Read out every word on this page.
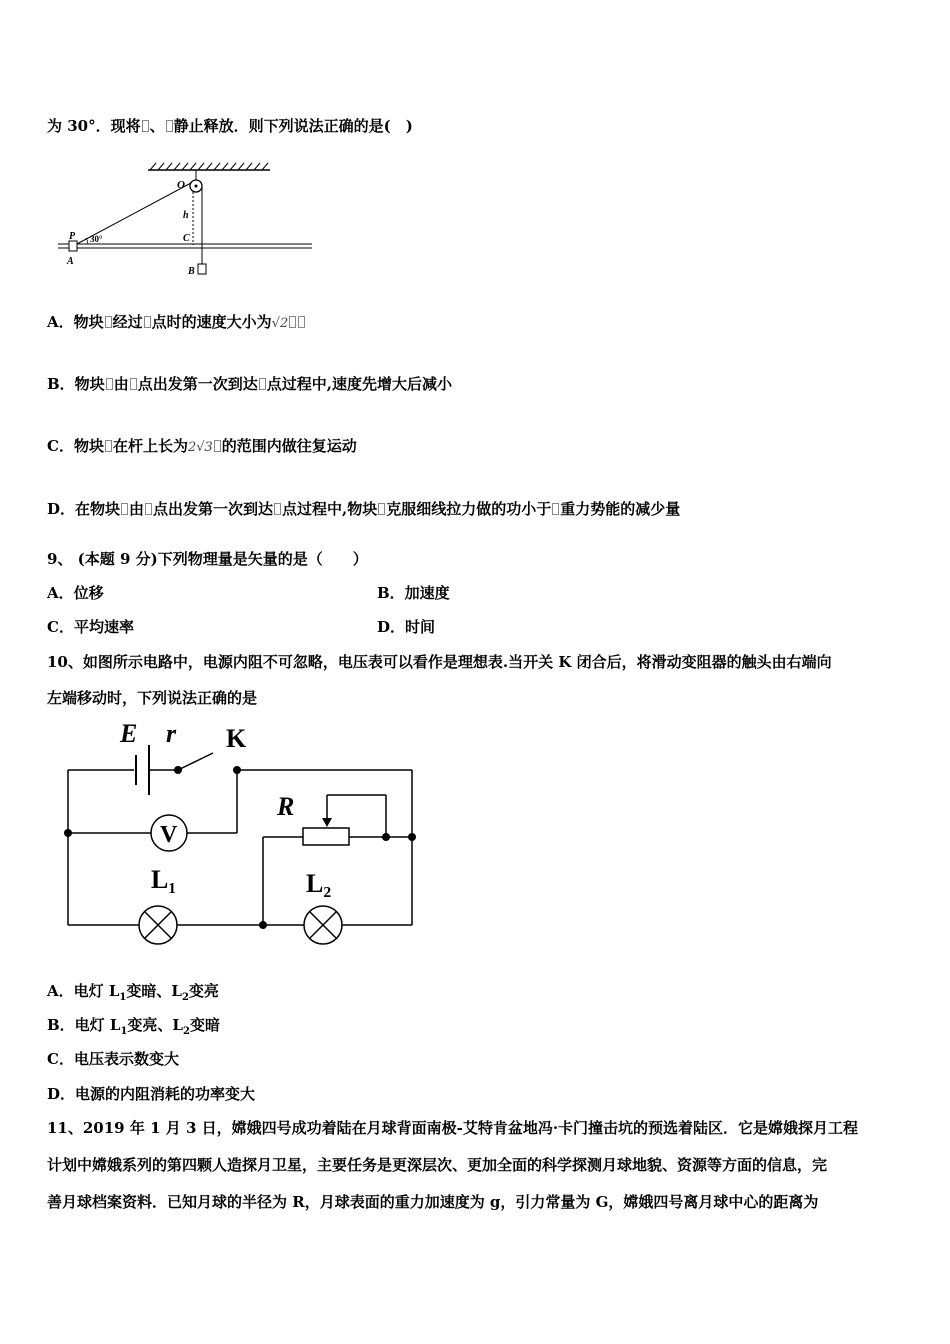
为 30°．现将 、 静止释放．则下列说法正确的是(　)
O
P
A
h
C
B
30°
A．物块 经过 点时的速度大小为√2
B．物块 由 点出发第一次到达 点过程中,速度先增大后减小
C．物块 在杆上长为2√3 的范围内做往复运动
D．在物块 由 点出发第一次到达 点过程中,物块 克服细线拉力做的功小于 重力势能的减少量
9、 (本题 9 分)下列物理量是矢量的是（　　）
A．位移	B．加速度
C．平均速率	D．时间
10、如图所示电路中，电源内阻不可忽略，电压表可以看作是理想表.当开关 K 闭合后，将滑动变阻器的触头由右端向
左端移动时，下列说法正确的是
V
E r K
R
L₁	L₂
A．电灯 $L_1$变暗、$L_2$变亮
B．电灯 $L_1$变亮、$L_2$变暗
C．电压表示数变大
D．电源的内阻消耗的功率变大
11、2019 年 1 月 3 日，嫦娥四号成功着陆在月球背面南极-艾特肯盆地冯·卡门撞击坑的预选着陆区．它是嫦娥探月工程
计划中嫦娥系列的第四颗人造探月卫星，主要任务是更深层次、更加全面的科学探测月球地貌、资源等方面的信息，完
善月球档案资料．已知月球的半径为 R，月球表面的重力加速度为 g，引力常量为 G，嫦娥四号离月球中心的距离为
